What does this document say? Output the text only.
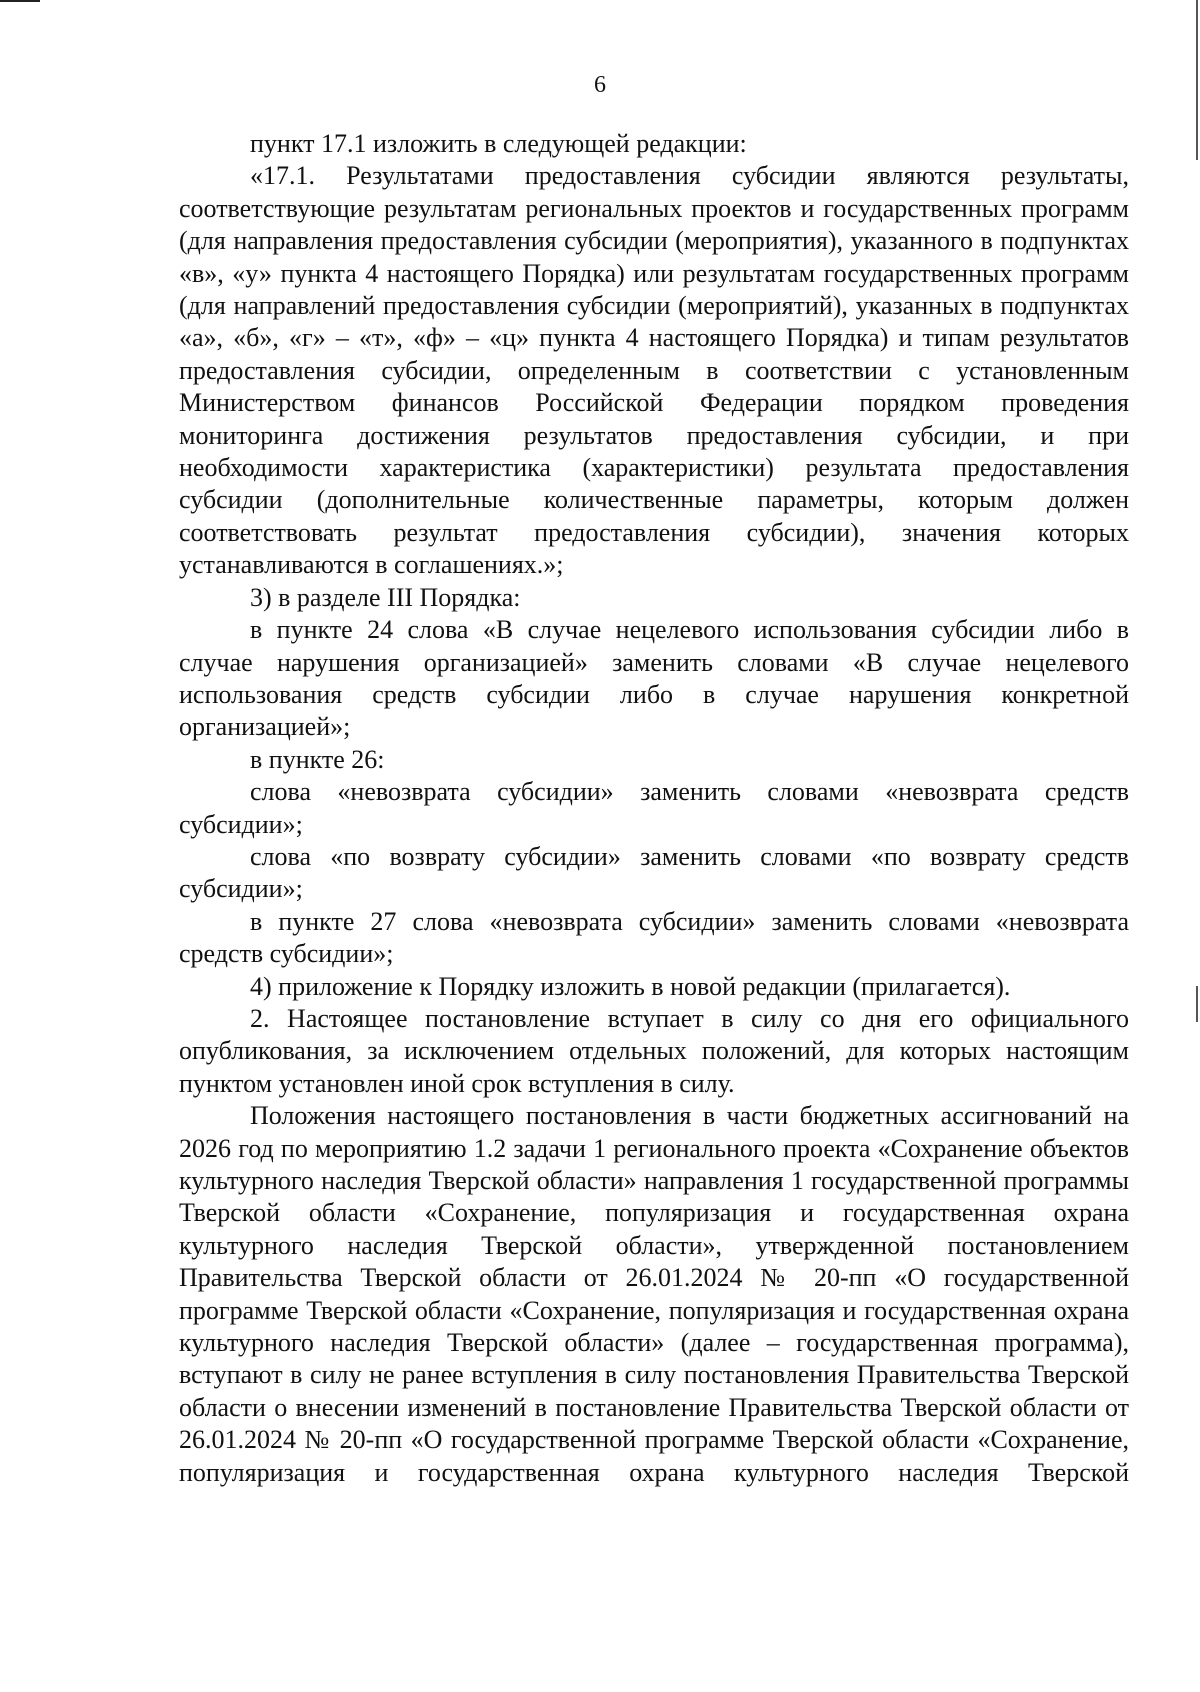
6

пункт 17.1 изложить в следующей редакции:

«17.1. Результатами предоставления субсидии являются результаты, соответствующие результатам региональных проектов и государственных программ (для направления предоставления субсидии (мероприятия), указанного в подпунктах «в», «у» пункта 4 настоящего Порядка) или результатам государственных программ (для направлений предоставления субсидии (мероприятий), указанных в подпунктах «а», «б», «г» – «т», «ф» – «ц» пункта 4 настоящего Порядка) и типам результатов предоставления субсидии, определенным в соответствии с установленным Министерством финансов Российской Федерации порядком проведения мониторинга достижения результатов предоставления субсидии, и при необходимости характеристика (характеристики) результата предоставления субсидии (дополнительные количественные параметры, которым должен соответствовать результат предоставления субсидии), значения которых устанавливаются в соглашениях.»;

3) в разделе III Порядка:

в пункте 24 слова «В случае нецелевого использования субсидии либо в случае нарушения организацией» заменить словами «В случае нецелевого использования средств субсидии либо в случае нарушения конкретной организацией»;

в пункте 26:

слова «невозврата субсидии» заменить словами «невозврата средств субсидии»;

слова «по возврату субсидии» заменить словами «по возврату средств субсидии»;

в пункте 27 слова «невозврата субсидии» заменить словами «невозврата средств субсидии»;

4) приложение к Порядку изложить в новой редакции (прилагается).

2. Настоящее постановление вступает в силу со дня его официального опубликования, за исключением отдельных положений, для которых настоящим пунктом установлен иной срок вступления в силу.

Положения настоящего постановления в части бюджетных ассигнований на 2026 год по мероприятию 1.2 задачи 1 регионального проекта «Сохранение объектов культурного наследия Тверской области» направления 1 государственной программы Тверской области «Сохранение, популяризация и государственная охрана культурного наследия Тверской области», утвержденной постановлением Правительства Тверской области от 26.01.2024 № 20-пп «О государственной программе Тверской области «Сохранение, популяризация и государственная охрана культурного наследия Тверской области» (далее – государственная программа), вступают в силу не ранее вступления в силу постановления Правительства Тверской области о внесении изменений в постановление Правительства Тверской области от 26.01.2024 № 20-пп «О государственной программе Тверской области «Сохранение, популяризация и государственная охрана культурного наследия Тверской
